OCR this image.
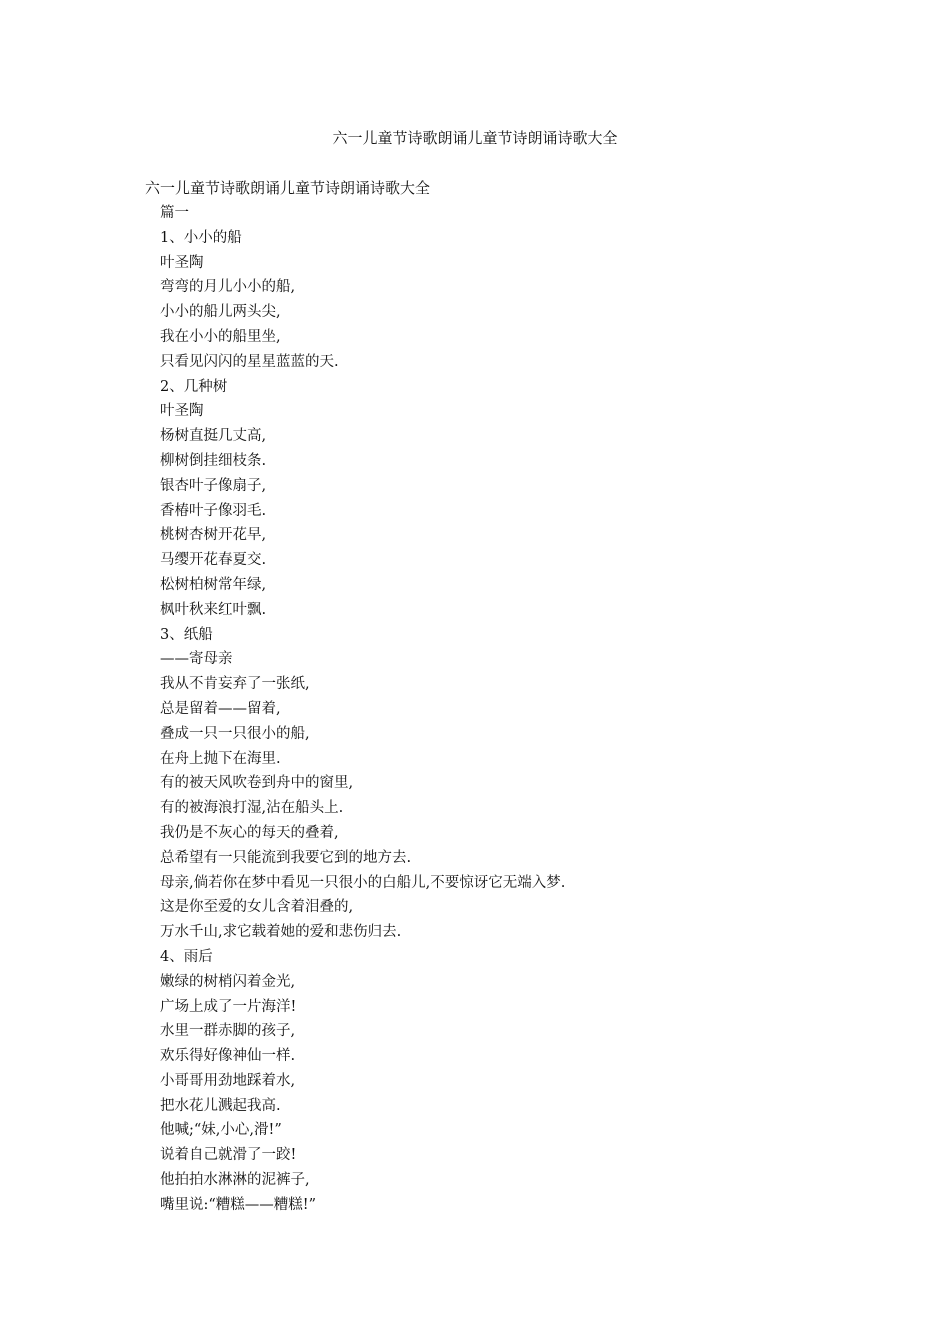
六一儿童节诗歌朗诵儿童节诗朗诵诗歌大全
六一儿童节诗歌朗诵儿童节诗朗诵诗歌大全
篇一
1、小小的船
叶圣陶
弯弯的月儿小小的船,
小小的船儿两头尖,
我在小小的船里坐,
只看见闪闪的星星蓝蓝的天.
2、几种树
叶圣陶
杨树直挺几丈高,
柳树倒挂细枝条.
银杏叶子像扇子,
香椿叶子像羽毛.
桃树杏树开花早,
马缨开花春夏交.
松树柏树常年绿,
枫叶秋来红叶飘.
3、纸船
——寄母亲
我从不肯妄弃了一张纸,
总是留着——留着,
叠成一只一只很小的船,
在舟上抛下在海里.
有的被天风吹卷到舟中的窗里,
有的被海浪打湿,沾在船头上.
我仍是不灰心的每天的叠着,
总希望有一只能流到我要它到的地方去.
母亲,倘若你在梦中看见一只很小的白船儿,不要惊讶它无端入梦.
这是你至爱的女儿含着泪叠的,
万水千山,求它载着她的爱和悲伤归去.
4、雨后
嫩绿的树梢闪着金光,
广场上成了一片海洋!
水里一群赤脚的孩子,
欢乐得好像神仙一样.
小哥哥用劲地踩着水,
把水花儿溅起我高.
他喊;“妹,小心,滑!”
说着自己就滑了一跤!
他拍拍水淋淋的泥裤子,
嘴里说:“糟糕——糟糕!”
